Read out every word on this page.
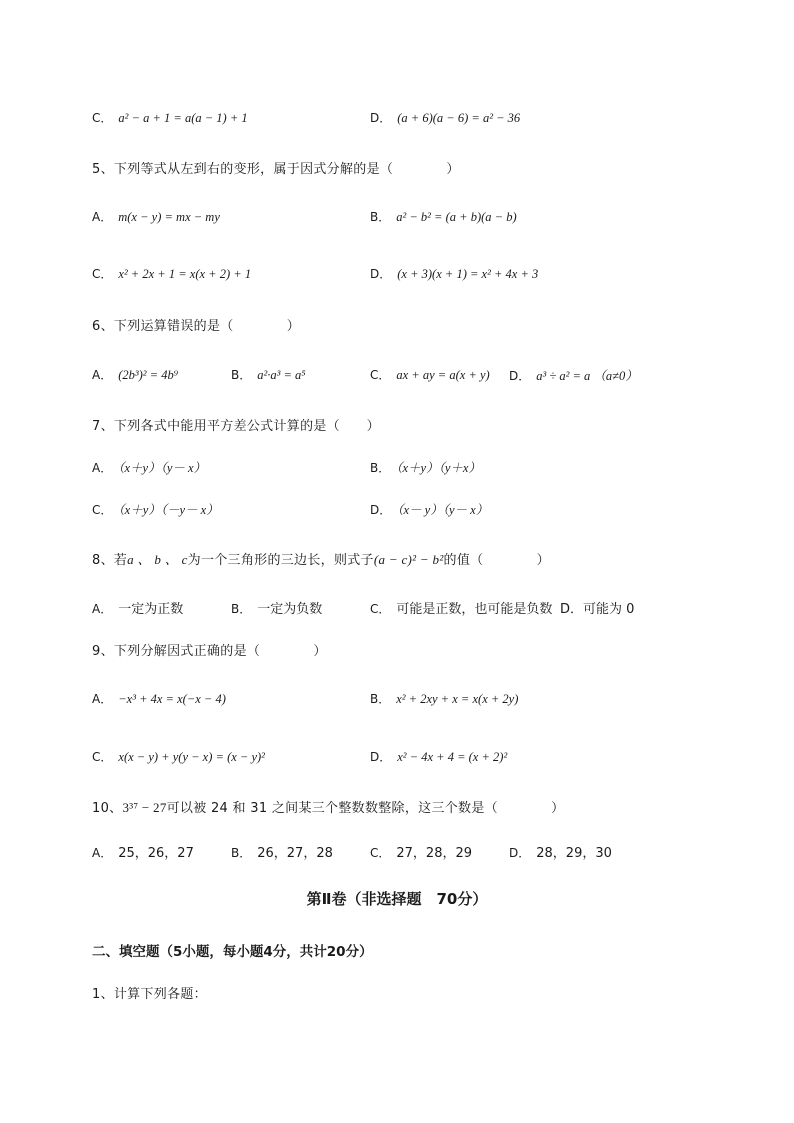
C． a² − a + 1 = a(a − 1) + 1	D． (a + 6)(a − 6) = a² − 36
5、下列等式从左到右的变形，属于因式分解的是（　　　　）
A． m(x − y) = mx − my	B． a² − b² = (a + b)(a − b)
C． x² + 2x + 1 = x(x + 2) + 1	D． (x + 3)(x + 1) = x² + 4x + 3
6、下列运算错误的是（　　　　）
A． (2b³)² = 4b⁹	B． a²·a³ = a⁵	C． ax + ay = a(x + y) D． a³ ÷ a² = a （a≠0）
7、下列各式中能用平方差公式计算的是（　　）
A． （x＋y）（y－ x）	B． （x＋y）（y＋x）
C． （x＋y）（－y－ x）	D． （x－ y）（y－ x）
8、若a 、 b 、 c为一个三角形的三边长，则式子(a − c)² − b²的值（　　　　）
A． 一定为正数	B． 一定为负数	C． 可能是正数，也可能是负数 D．可能为 0
9、下列分解因式正确的是（　　　　）
A． −x³ + 4x = x(−x − 4)	B． x² + 2xy + x = x(x + 2y)
C． x(x − y) + y(y − x) = (x − y)²	D． x² − 4x + 4 = (x + 2)²
10、3³⁷ − 27可以被 24 和 31 之间某三个整数数整除，这三个数是（　　　　）
A． 25，26，27	B． 26，27，28	C． 27，28，29	D． 28，29，30
第Ⅱ卷（非选择题　70分）
二、填空题（5小题，每小题4分，共计20分）
1、计算下列各题：
